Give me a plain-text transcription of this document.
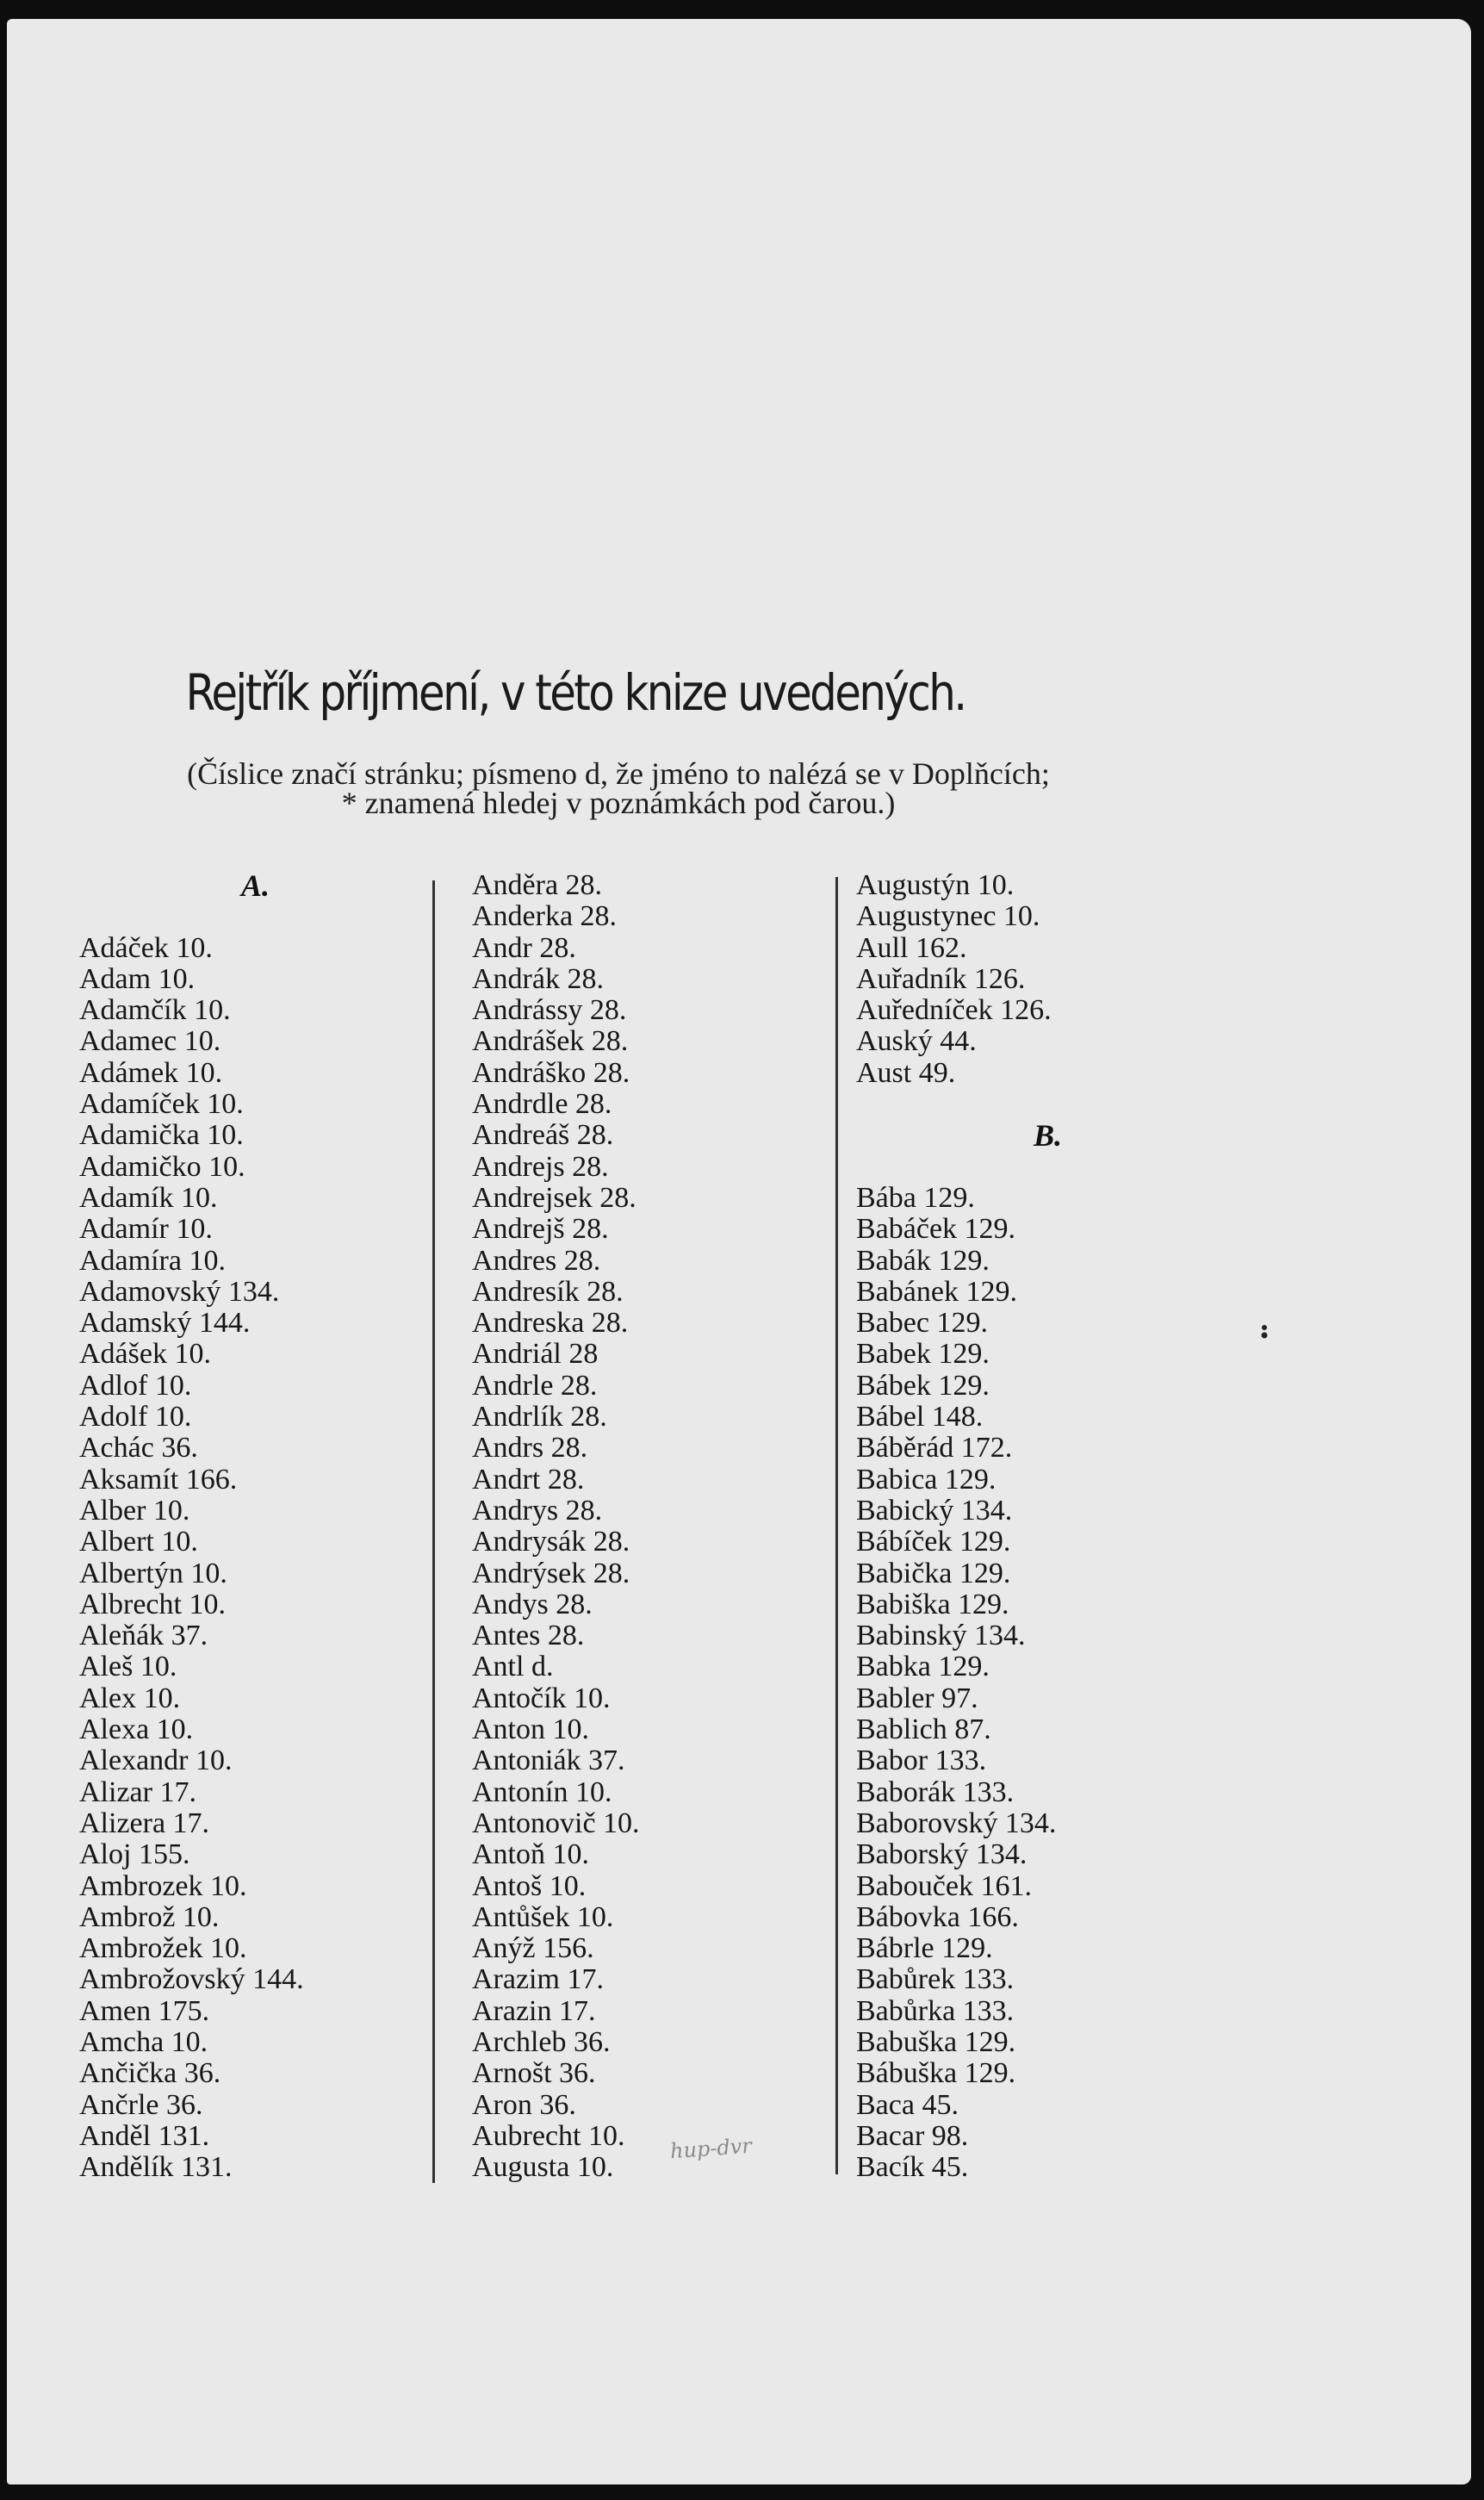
Rejtřík příjmení, v této knize uvedených.
(Číslice značí stránku; písmeno d, že jméno to nalézá se v Doplňcích;
* znamená hledej v poznámkách pod čarou.)
A.
Adáček 10.
Adam 10.
Adamčík 10.
Adamec 10.
Adámek 10.
Adamíček 10.
Adamička 10.
Adamičko 10.
Adamík 10.
Adamír 10.
Adamíra 10.
Adamovský 134.
Adamský 144.
Adášek 10.
Adlof 10.
Adolf 10.
Achác 36.
Aksamít 166.
Alber 10.
Albert 10.
Albertýn 10.
Albrecht 10.
Aleňák 37.
Aleš 10.
Alex 10.
Alexa 10.
Alexandr 10.
Alizar 17.
Alizera 17.
Aloj 155.
Ambrozek 10.
Ambrož 10.
Ambrožek 10.
Ambrožovský 144.
Amen 175.
Amcha 10.
Ančička 36.
Ančrle 36.
Anděl 131.
Andělík 131.
Anděra 28.
Anderka 28.
Andr 28.
Andrák 28.
Andrássy 28.
Andrášek 28.
Andráško 28.
Andrdle 28.
Andreáš 28.
Andrejs 28.
Andrejsek 28.
Andrejš 28.
Andres 28.
Andresík 28.
Andreska 28.
Andriál 28
Andrle 28.
Andrlík 28.
Andrs 28.
Andrt 28.
Andrys 28.
Andrysák 28.
Andrýsek 28.
Andys 28.
Antes 28.
Antl d.
Antočík 10.
Anton 10.
Antoniák 37.
Antonín 10.
Antonovič 10.
Antoň 10.
Antoš 10.
Antůšek 10.
Anýž 156.
Arazim 17.
Arazin 17.
Archleb 36.
Arnošt 36.
Aron 36.
Aubrecht 10.
Augusta 10.
Augustýn 10.
Augustynec 10.
Aull 162.
Auřadník 126.
Auředníček 126.
Auský 44.
Aust 49.
B.
Bába 129.
Babáček 129.
Babák 129.
Babánek 129.
Babec 129.
Babek 129.
Bábek 129.
Bábel 148.
Báběrád 172.
Babica 129.
Babický 134.
Bábíček 129.
Babička 129.
Babiška 129.
Babinský 134.
Babka 129.
Babler 97.
Bablich 87.
Babor 133.
Baborák 133.
Baborovský 134.
Baborský 134.
Babouček 161.
Bábovka 166.
Bábrle 129.
Babůrek 133.
Babůrka 133.
Babuška 129.
Bábuška 129.
Baca 45.
Bacar 98.
Bacík 45.
hup-dvr
